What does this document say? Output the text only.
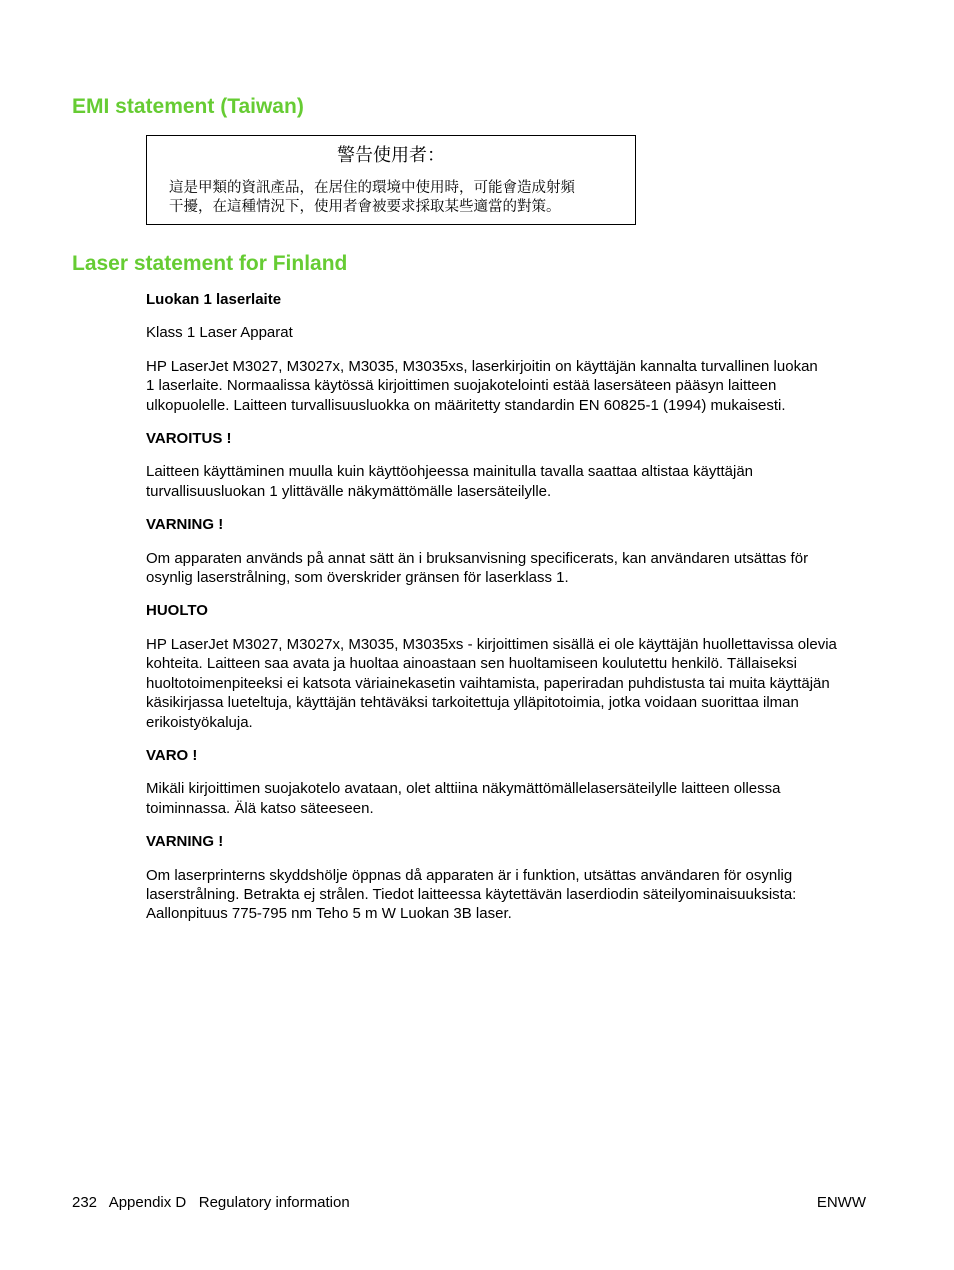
EMI statement (Taiwan)
警告使用者：
這是甲類的資訊產品，在居住的環境中使用時，可能會造成射頻
干擾，在這種情況下，使用者會被要求採取某些適當的對策。
Laser statement for Finland
Luokan 1 laserlaite
Klass 1 Laser Apparat
HP LaserJet M3027, M3027x, M3035, M3035xs, laserkirjoitin on käyttäjän kannalta turvallinen luokan
1 laserlaite. Normaalissa käytössä kirjoittimen suojakotelointi estää lasersäteen pääsyn laitteen
ulkopuolelle. Laitteen turvallisuusluokka on määritetty standardin EN 60825-1 (1994) mukaisesti.
VAROITUS !
Laitteen käyttäminen muulla kuin käyttöohjeessa mainitulla tavalla saattaa altistaa käyttäjän
turvallisuusluokan 1 ylittävälle näkymättömälle lasersäteilylle.
VARNING !
Om apparaten används på annat sätt än i bruksanvisning specificerats, kan användaren utsättas för
osynlig laserstrålning, som överskrider gränsen för laserklass 1.
HUOLTO
HP LaserJet M3027, M3027x, M3035, M3035xs - kirjoittimen sisällä ei ole käyttäjän huollettavissa olevia
kohteita. Laitteen saa avata ja huoltaa ainoastaan sen huoltamiseen koulutettu henkilö. Tällaiseksi
huoltotoimenpiteeksi ei katsota väriainekasetin vaihtamista, paperiradan puhdistusta tai muita käyttäjän
käsikirjassa lueteltuja, käyttäjän tehtäväksi tarkoitettuja ylläpitotoimia, jotka voidaan suorittaa ilman
erikoistyökaluja.
VARO !
Mikäli kirjoittimen suojakotelo avataan, olet alttiina näkymättömällelasersäteilylle laitteen ollessa
toiminnassa. Älä katso säteeseen.
VARNING !
Om laserprinterns skyddshölje öppnas då apparaten är i funktion, utsättas användaren för osynlig
laserstrålning. Betrakta ej strålen. Tiedot laitteessa käytettävän laserdiodin säteilyominaisuuksista:
Aallonpituus 775-795 nm Teho 5 m W Luokan 3B laser.
232   Appendix D   Regulatory information	ENWW
